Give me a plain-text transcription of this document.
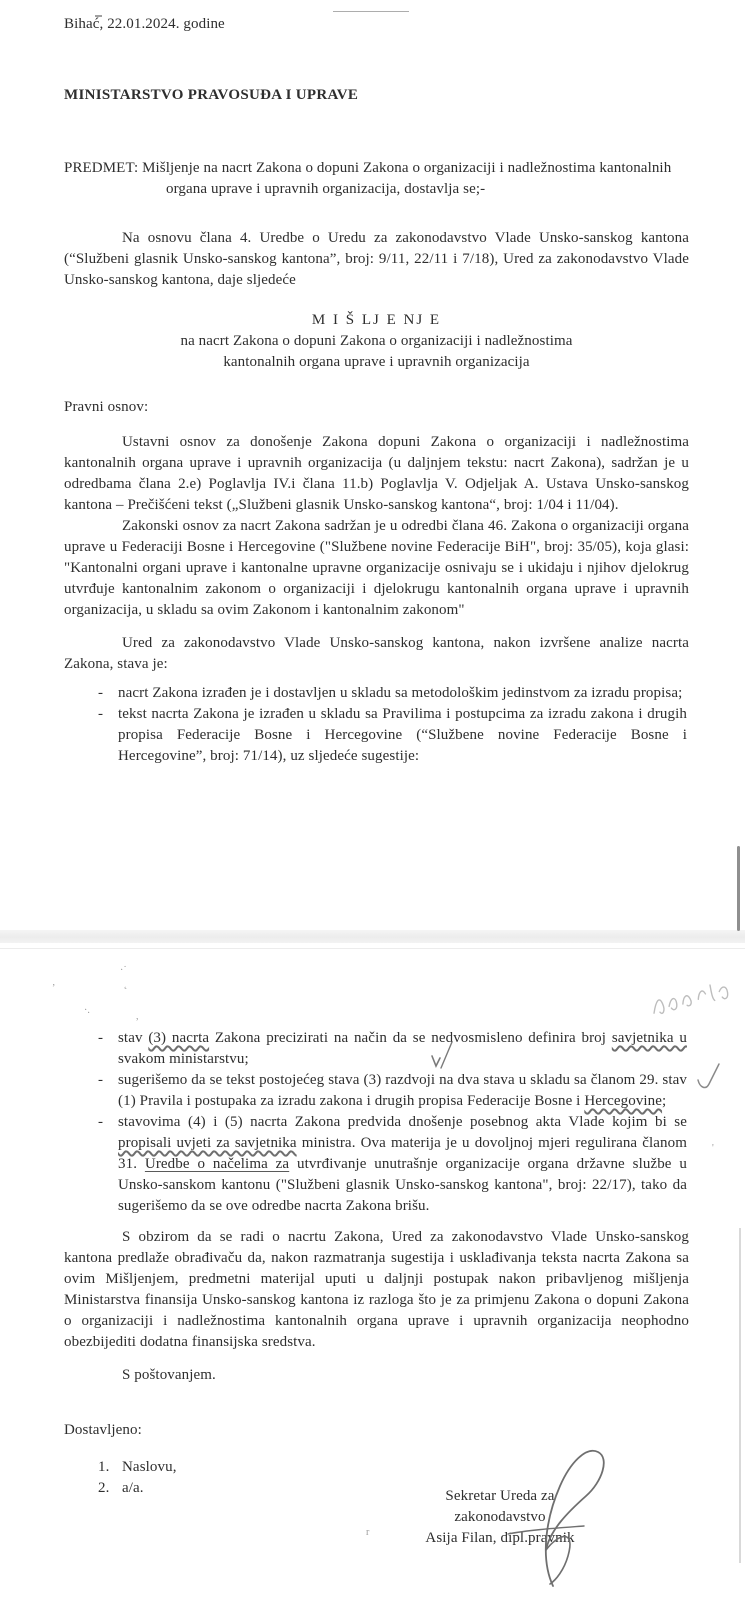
Bihać, 22.01.2024. godine
MINISTARSTVO PRAVOSUĐA I UPRAVE
PREDMET: Mišljenje na nacrt Zakona o dopuni Zakona o organizaciji i nadležnostima kantonalnih organa uprave i upravnih organizacija, dostavlja se;-
Na osnovu člana 4. Uredbe o Uredu za zakonodavstvo Vlade Unsko-sanskog kantona (“Službeni glasnik Unsko-sanskog kantona”, broj: 9/11, 22/11 i 7/18), Ured za zakonodavstvo Vlade Unsko-sanskog kantona, daje sljedeće
M I Š LJ E NJ E
na nacrt Zakona o dopuni Zakona o organizaciji i nadležnostima
kantonalnih organa uprave i upravnih organizacija
Pravni osnov:
Ustavni osnov za donošenje Zakona dopuni Zakona o organizaciji i nadležnostima kantonalnih organa uprave i upravnih organizacija (u daljnjem tekstu: nacrt Zakona), sadržan je u odredbama člana 2.e) Poglavlja IV.i člana 11.b) Poglavlja V. Odjeljak A. Ustava Unsko-sanskog kantona – Prečišćeni tekst („Službeni glasnik Unsko-sanskog kantona“, broj: 1/04 i 11/04).
Zakonski osnov za nacrt Zakona sadržan je u odredbi člana 46. Zakona o organizaciji organa uprave u Federaciji Bosne i Hercegovine ("Službene novine Federacije BiH", broj: 35/05), koja glasi: "Kantonalni organi uprave i kantonalne upravne organizacije osnivaju se i ukidaju i njihov djelokrug utvrđuje kantonalnim zakonom o organizaciji i djelokrugu kantonalnih organa uprave i upravnih organizacija, u skladu sa ovim Zakonom i kantonalnim zakonom"
Ured za zakonodavstvo Vlade Unsko-sanskog kantona, nakon izvršene analize nacrta Zakona, stava je:
- nacrt Zakona izrađen je i dostavljen u skladu sa metodološkim jedinstvom za izradu propisa;
- tekst nacrta Zakona je izrađen u skladu sa Pravilima i postupcima za izradu zakona i drugih propisa Federacije Bosne i Hercegovine (“Službene novine Federacije Bosne i Hercegovine”, broj: 71/14), uz sljedeće sugestije:
- stav (3) nacrta Zakona precizirati na način da se nedvosmisleno definira broj savjetnika u svakom ministarstvu;
- sugerišemo da se tekst postojećeg stava (3) razdvoji na dva stava u skladu sa članom 29. stav (1) Pravila i postupaka za izradu zakona i drugih propisa Federacije Bosne i Hercegovine;
- stavovima (4) i (5) nacrta Zakona predvida dnošenje posebnog akta Vlade kojim bi se propisali uvjeti za savjetnika ministra. Ova materija je u dovoljnoj mjeri regulirana članom 31. Uredbe o načelima za utvrđivanje unutrašnje organizacije organa državne službe u Unsko-sanskom kantonu ("Službeni glasnik Unsko-sanskog kantona", broj: 22/17), tako da sugerišemo da se ove odredbe nacrta Zakona brišu.
S obzirom da se radi o nacrtu Zakona, Ured za zakonodavstvo Vlade Unsko-sanskog kantona predlaže obrađivaču da, nakon razmatranja sugestija i usklađivanja teksta nacrta Zakona sa ovim Mišljenjem, predmetni materijal uputi u daljnji postupak nakon pribavljenog mišljenja Ministarstva finansija Unsko-sanskog kantona iz razloga što je za primjenu Zakona o dopuni Zakona o organizaciji i nadležnostima kantonalnih organa uprave i upravnih organizacija neophodno obezbijediti dodatna finansijska sredstva.
S poštovanjem.
Dostavljeno:
1. Naslovu,
2. a/a.	Sekretar Ureda za
zakonodavstvo
Asija Filan, dipl.pravnik
‚
·˙
˛
·.
,
'
r
